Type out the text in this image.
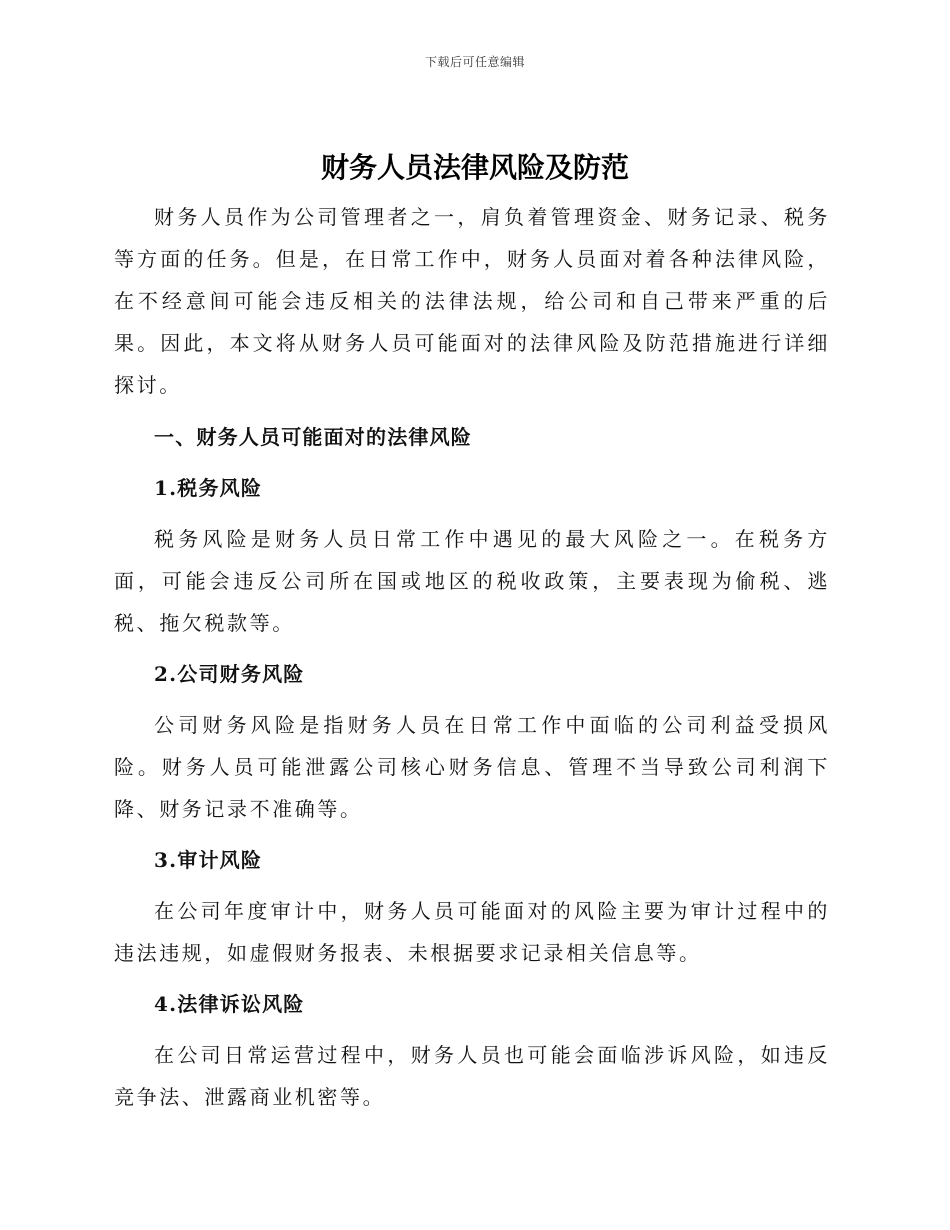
下载后可任意编辑
财务人员法律风险及防范

财务人员作为公司管理者之一，肩负着管理资金、财务记录、税务等方面的任务。但是，在日常工作中，财务人员面对着各种法律风险，在不经意间可能会违反相关的法律法规，给公司和自己带来严重的后果。因此，本文将从财务人员可能面对的法律风险及防范措施进行详细探讨。

一、财务人员可能面对的法律风险
1.税务风险

税务风险是财务人员日常工作中遇见的最大风险之一。在税务方面，可能会违反公司所在国或地区的税收政策，主要表现为偷税、逃税、拖欠税款等。

2.公司财务风险

公司财务风险是指财务人员在日常工作中面临的公司利益受损风险。财务人员可能泄露公司核心财务信息、管理不当导致公司利润下降、财务记录不准确等。

3.审计风险

在公司年度审计中，财务人员可能面对的风险主要为审计过程中的违法违规，如虚假财务报表、未根据要求记录相关信息等。

4.法律诉讼风险

在公司日常运营过程中，财务人员也可能会面临涉诉风险，如违反竞争法、泄露商业机密等。
